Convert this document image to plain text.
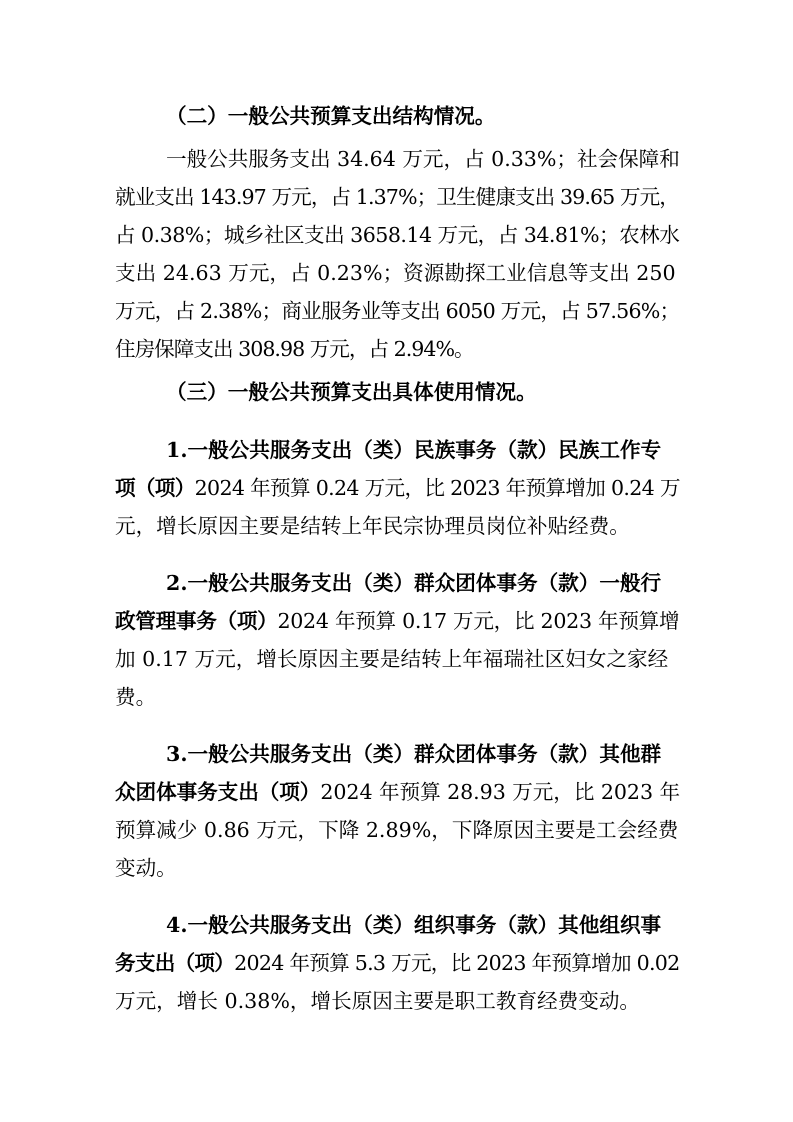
（二）一般公共预算支出结构情况。
一般公共服务支出 34.64 万元，占 0.33%；社会保障和
就业支出 143.97 万元，占 1.37%；卫生健康支出 39.65 万元，
占 0.38%；城乡社区支出 3658.14 万元，占 34.81%；农林水
支出 24.63 万元，占 0.23%；资源勘探工业信息等支出 250
万元，占 2.38%；商业服务业等支出 6050 万元，占 57.56%；
住房保障支出 308.98 万元，占 2.94%。
（三）一般公共预算支出具体使用情况。
1.一般公共服务支出（类）民族事务（款）民族工作专
项（项）2024 年预算 0.24 万元，比 2023 年预算增加 0.24 万
元，增长原因主要是结转上年民宗协理员岗位补贴经费。
2.一般公共服务支出（类）群众团体事务（款）一般行
政管理事务（项）2024 年预算 0.17 万元，比 2023 年预算增
加 0.17 万元，增长原因主要是结转上年福瑞社区妇女之家经
费。
3.一般公共服务支出（类）群众团体事务（款）其他群
众团体事务支出（项）2024 年预算 28.93 万元，比 2023 年
预算减少 0.86 万元，下降 2.89%，下降原因主要是工会经费
变动。
4.一般公共服务支出（类）组织事务（款）其他组织事
务支出（项）2024 年预算 5.3 万元，比 2023 年预算增加 0.02
万元，增长 0.38%，增长原因主要是职工教育经费变动。
